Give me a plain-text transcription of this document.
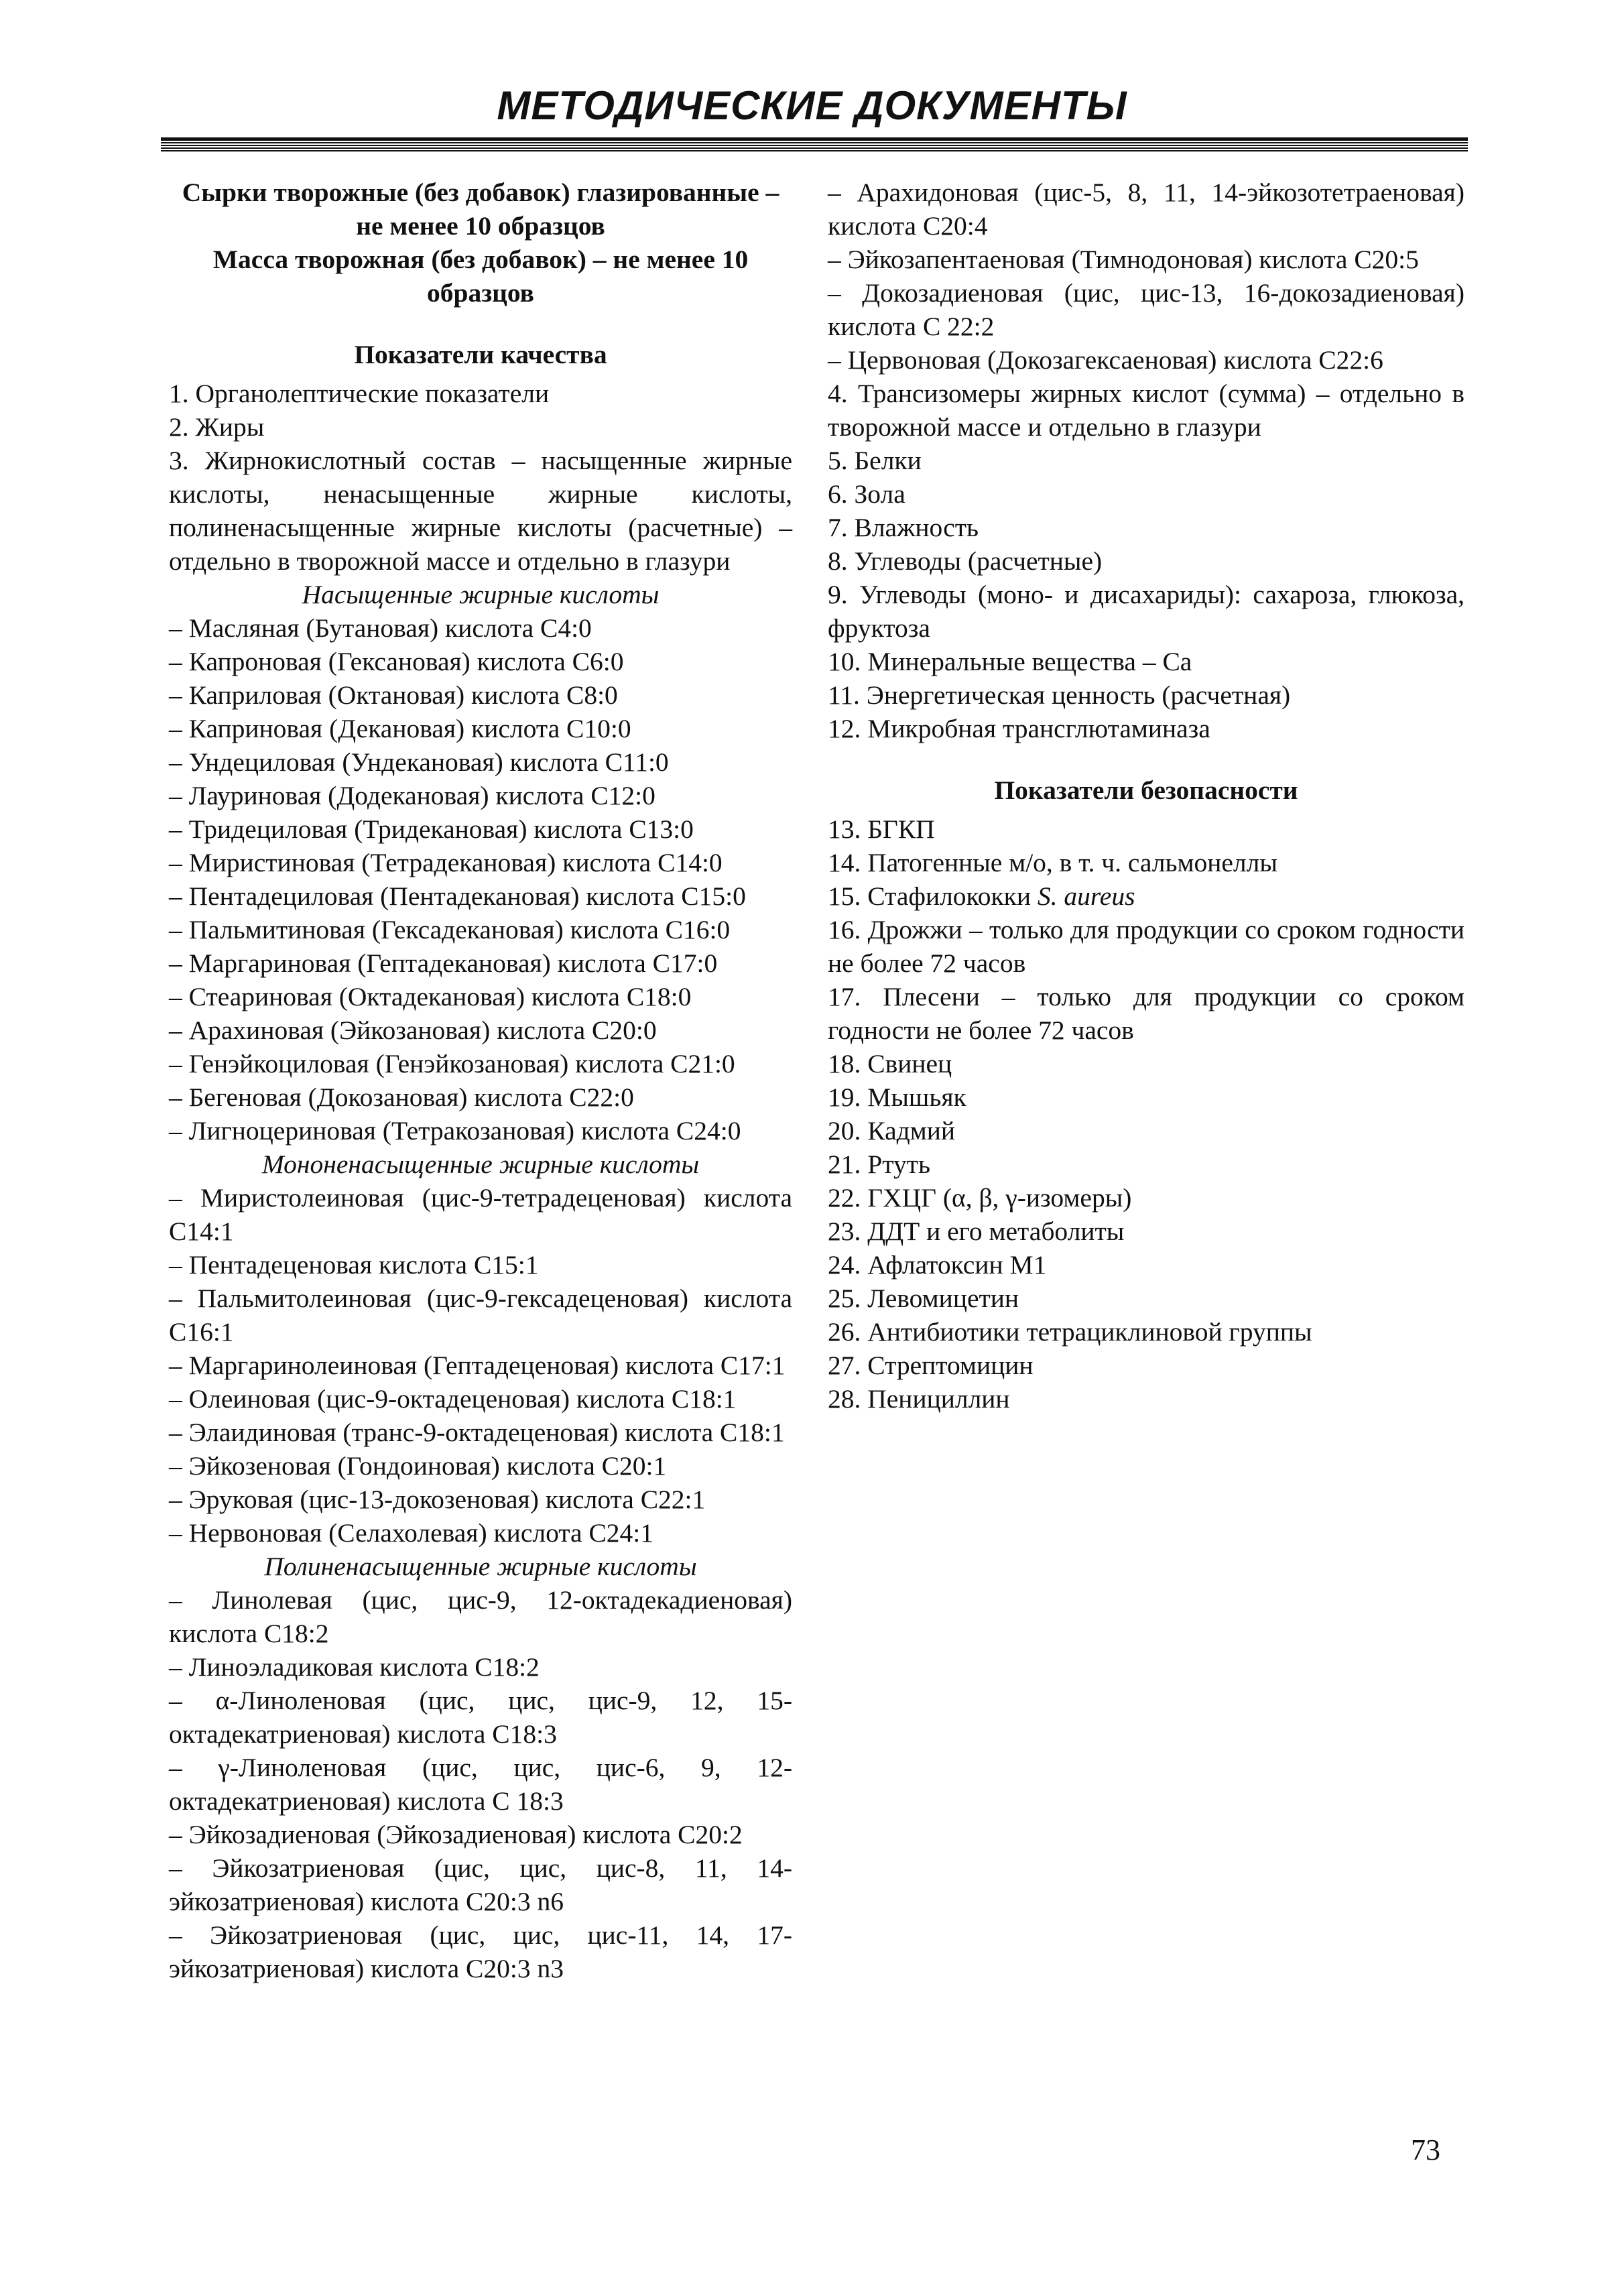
МЕТОДИЧЕСКИЕ ДОКУМЕНТЫ

Сырки творожные (без добавок) глазированные – не менее 10 образцов

Масса творожная (без добавок) – не менее 10 образцов

Показатели качества

1. Органолептические показатели

2. Жиры

3. Жирнокислотный состав – насыщенные жирные кислоты, ненасыщенные жирные кислоты, полиненасыщенные жирные кислоты (расчетные) – отдельно в творожной массе и отдельно в глазури

Насыщенные жирные кислоты

– Масляная (Бутановая) кислота С4:0

– Капроновая (Гексановая) кислота С6:0

– Каприловая (Октановая) кислота С8:0

– Каприновая (Декановая) кислота С10:0

– Ундециловая (Ундекановая) кислота С11:0

– Лауриновая (Додекановая) кислота С12:0

– Тридециловая (Тридекановая) кислота С13:0

– Миристиновая (Тетрадекановая) кислота С14:0

– Пентадециловая (Пентадекановая) кислота С15:0

– Пальмитиновая (Гексадекановая) кислота С16:0

– Маргариновая (Гептадекановая) кислота С17:0

– Стеариновая (Октадекановая) кислота С18:0

– Арахиновая (Эйкозановая) кислота С20:0

– Генэйкоциловая (Генэйкозановая) кислота С21:0

– Бегеновая (Докозановая) кислота С22:0

– Лигноцериновая (Тетракозановая) кислота С24:0

Мононенасыщенные жирные кислоты

– Миристолеиновая (цис-9-тетрадеценовая) кислота С14:1

– Пентадеценовая кислота С15:1

– Пальмитолеиновая (цис-9-гексадеценовая) кислота С16:1

– Маргаринолеиновая (Гептадеценовая) кислота С17:1

– Олеиновая (цис-9-октадеценовая) кислота С18:1

– Элаидиновая (транс-9-октадеценовая) кислота С18:1

– Эйкозеновая (Гондоиновая) кислота С20:1

– Эруковая (цис-13-докозеновая) кислота С22:1

– Нервоновая (Селахолевая) кислота С24:1

Полиненасыщенные жирные кислоты

– Линолевая (цис, цис-9, 12-октадекадиеновая) кислота С18:2

– Линоэладиковая кислота С18:2

– α-Линоленовая (цис, цис, цис-9, 12, 15-октадекатриеновая) кислота С18:3

– γ-Линоленовая (цис, цис, цис-6, 9, 12-октадекатриеновая) кислота С 18:3

– Эйкозадиеновая (Эйкозадиеновая) кислота С20:2

– Эйкозатриеновая (цис, цис, цис-8, 11, 14-эйкозатриеновая) кислота С20:3 n6

– Эйкозатриеновая (цис, цис, цис-11, 14, 17-эйкозатриеновая) кислота С20:3 n3

– Арахидоновая (цис-5, 8, 11, 14-эйкозотетраеновая) кислота С20:4

– Эйкозапентаеновая (Тимнодоновая) кислота С20:5

– Докозадиеновая (цис, цис-13, 16-докозадиеновая) кислота С 22:2

– Цервоновая (Докозагексаеновая) кислота С22:6

4. Трансизомеры жирных кислот (сумма) – отдельно в творожной массе и отдельно в глазури

5. Белки

6. Зола

7. Влажность

8. Углеводы (расчетные)

9. Углеводы (моно- и дисахариды): сахароза, глюкоза, фруктоза

10. Минеральные вещества – Са

11. Энергетическая ценность (расчетная)

12. Микробная трансглютаминаза

Показатели безопасности

13. БГКП

14. Патогенные м/о, в т. ч. сальмонеллы

15. Стафилококки S. aureus

16. Дрожжи – только для продукции со сроком годности не более 72 часов

17. Плесени – только для продукции со сроком годности не более 72 часов

18. Свинец

19. Мышьяк

20. Кадмий

21. Ртуть

22. ГХЦГ (α, β, γ-изомеры)

23. ДДТ и его метаболиты

24. Афлатоксин М1

25. Левомицетин

26. Антибиотики тетрациклиновой группы

27. Стрептомицин

28. Пенициллин

73
